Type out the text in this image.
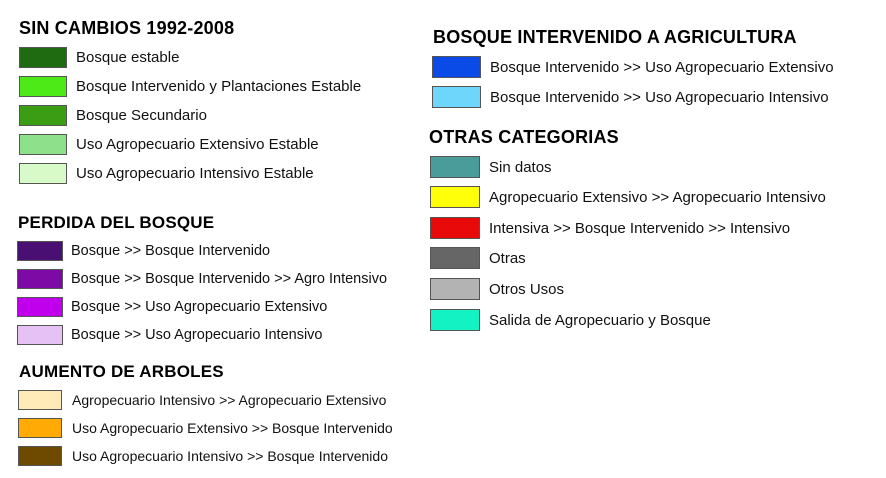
SIN CAMBIOS 1992-2008
Bosque estable
Bosque Intervenido y Plantaciones Estable
Bosque Secundario
Uso Agropecuario Extensivo Estable
Uso Agropecuario Intensivo Estable
PERDIDA DEL BOSQUE
Bosque >> Bosque Intervenido
Bosque >> Bosque Intervenido >> Agro Intensivo
Bosque >> Uso Agropecuario Extensivo
Bosque >> Uso Agropecuario Intensivo
AUMENTO DE ARBOLES
Agropecuario Intensivo >> Agropecuario Extensivo
Uso Agropecuario Extensivo >> Bosque Intervenido
Uso Agropecuario Intensivo >> Bosque Intervenido
BOSQUE INTERVENIDO A AGRICULTURA
Bosque Intervenido >> Uso Agropecuario Extensivo
Bosque Intervenido >> Uso Agropecuario Intensivo
OTRAS CATEGORIAS
Sin datos
Agropecuario Extensivo >> Agropecuario Intensivo
Intensiva >> Bosque Intervenido >> Intensivo
Otras
Otros Usos
Salida de Agropecuario y Bosque
